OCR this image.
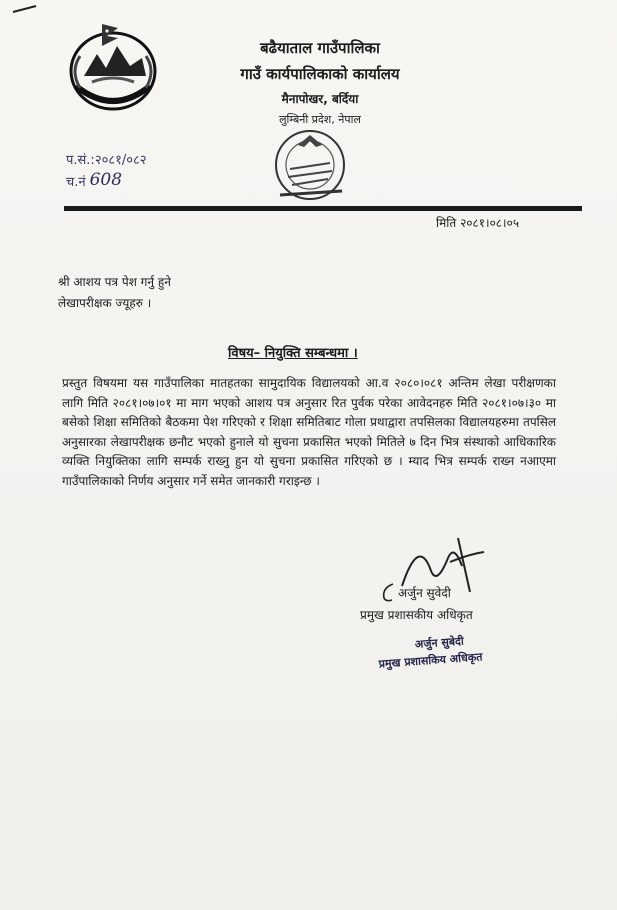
बढैयाताल गाउँपालिका
गाउँ कार्यपालिकाको कार्यालय
मैनापोखर, बर्दिया
लुम्बिनी प्रदेश, नेपाल
प.सं.: २०८१/०८२
च.नं 608
मिति २०८१।०८।०५
श्री आशय पत्र पेश गर्नु हुने
लेखापरीक्षक ज्यूहरु ।
विषय– नियुक्ति सम्बन्धमा ।
प्रस्तुत विषयमा यस गाउँपालिका मातहतका सामुदायिक विद्यालयको आ.व २०८०।०८१ अन्तिम लेखा परीक्षणका लागि मिति २०८१।०७।०१ मा माग भएको आशय पत्र अनुसार रित पुर्वक परेका आवेदनहरु मिति २०८१।०७।३० मा बसेको शिक्षा समितिको बैठकमा पेश गरिएको र शिक्षा समितिबाट गोला प्रथाद्वारा तपसिलका विद्यालयहरुमा तपसिल अनुसारका लेखापरीक्षक छनौट भएको हुनाले यो सुचना प्रकासित भएको मितिले ७ दिन भित्र संस्थाको आधिकारिक व्यक्ति नियुक्तिका लागि सम्पर्क राख्नु हुन यो सुचना प्रकासित गरिएको छ । म्याद भित्र सम्पर्क राख्न नआएमा गाउँपालिकाको निर्णय अनुसार गर्ने समेत जानकारी गराइन्छ ।
अर्जुन सुवेदी
प्रमुख प्रशासकीय अधिकृत
अर्जुन सुबेदी
प्रमुख प्रशासकिय अधिकृत
